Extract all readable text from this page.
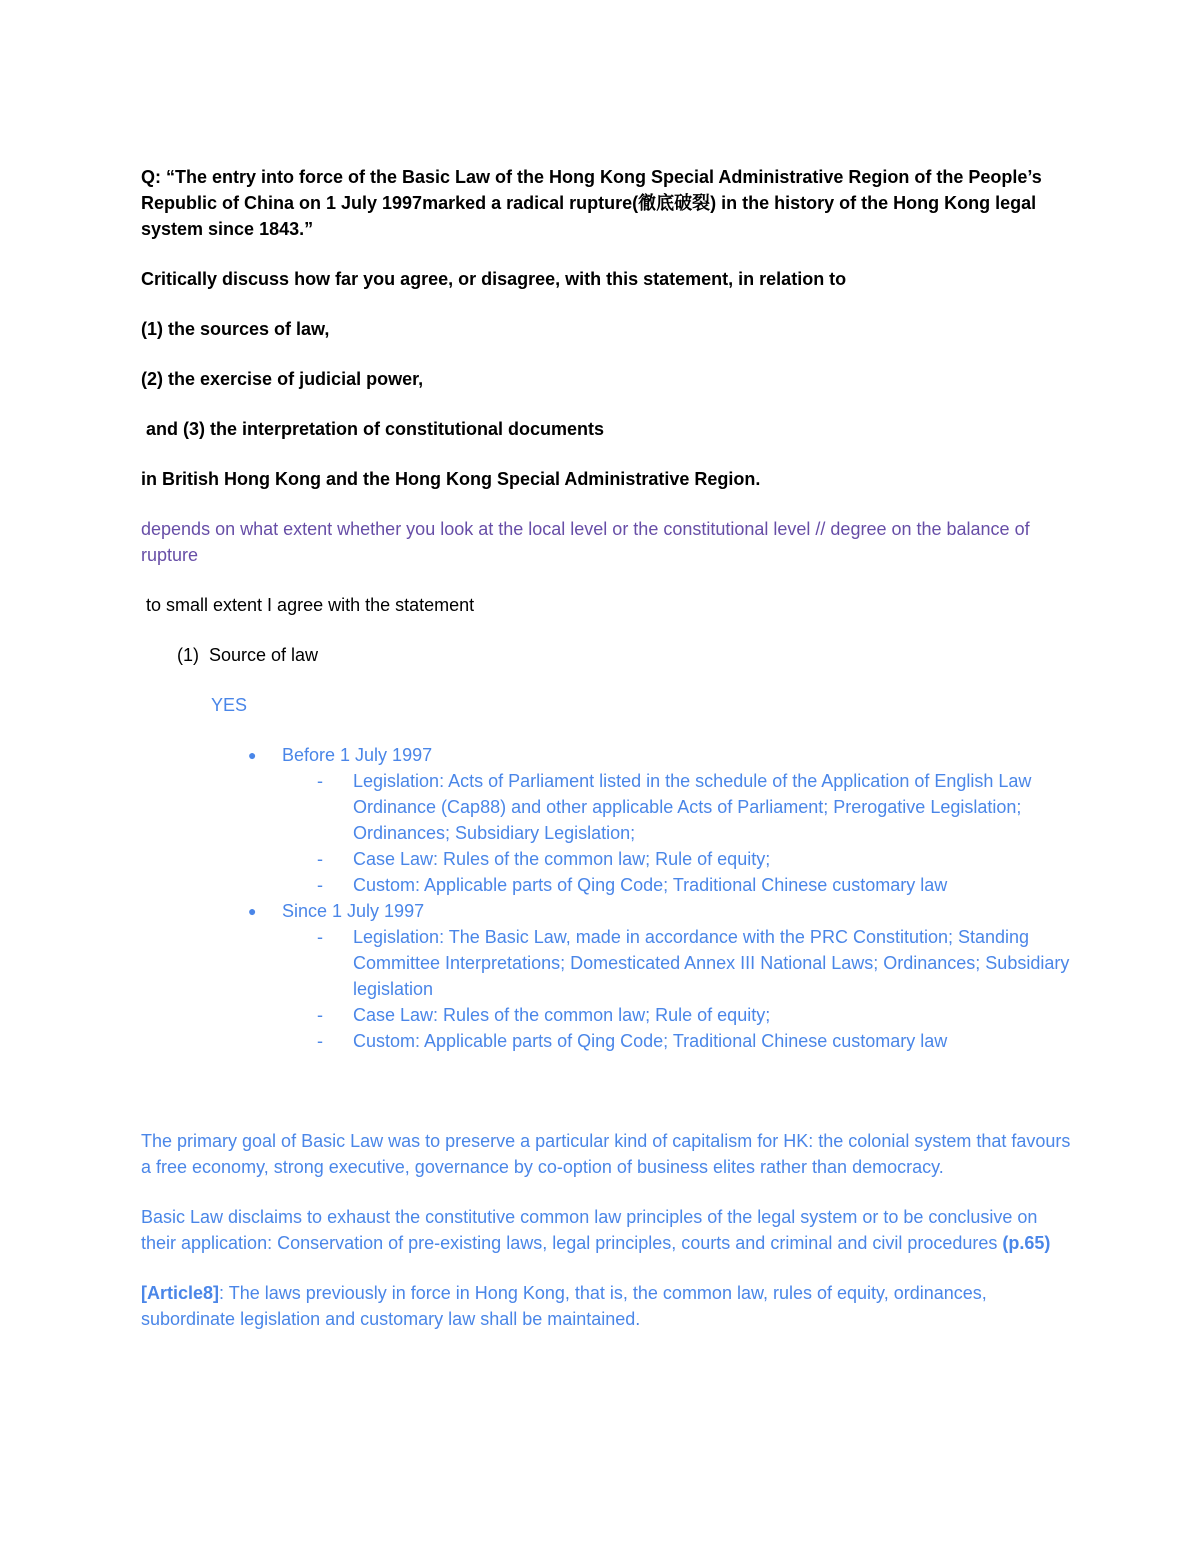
Q: “The entry into force of the Basic Law of the Hong Kong Special Administrative Region of the People’s Republic of China on 1 July 1997marked a radical rupture(徹底破裂) in the history of the Hong Kong legal system since 1843.”

Critically discuss how far you agree, or disagree, with this statement, in relation to

(1) the sources of law,

(2) the exercise of judicial power,

and (3) the interpretation of constitutional documents

in British Hong Kong and the Hong Kong Special Administrative Region.

depends on what extent whether you look at the local level or the constitutional level // degree on the balance of rupture

to small extent I agree with the statement

(1)  Source of law

YES

● Before 1 July 1997
- Legislation: Acts of Parliament listed in the schedule of the Application of English Law Ordinance (Cap88) and other applicable Acts of Parliament; Prerogative Legislation; Ordinances; Subsidiary Legislation;
- Case Law: Rules of the common law; Rule of equity;
- Custom: Applicable parts of Qing Code; Traditional Chinese customary law
● Since 1 July 1997
- Legislation: The Basic Law, made in accordance with the PRC Constitution; Standing Committee Interpretations; Domesticated Annex III National Laws; Ordinances; Subsidiary legislation
- Case Law: Rules of the common law; Rule of equity;
- Custom: Applicable parts of Qing Code; Traditional Chinese customary law

The primary goal of Basic Law was to preserve a particular kind of capitalism for HK: the colonial system that favours a free economy, strong executive, governance by co-option of business elites rather than democracy.

Basic Law disclaims to exhaust the constitutive common law principles of the legal system or to be conclusive on their application: Conservation of pre-existing laws, legal principles, courts and criminal and civil procedures (p.65)

[Article8]: The laws previously in force in Hong Kong, that is, the common law, rules of equity, ordinances, subordinate legislation and customary law shall be maintained.
